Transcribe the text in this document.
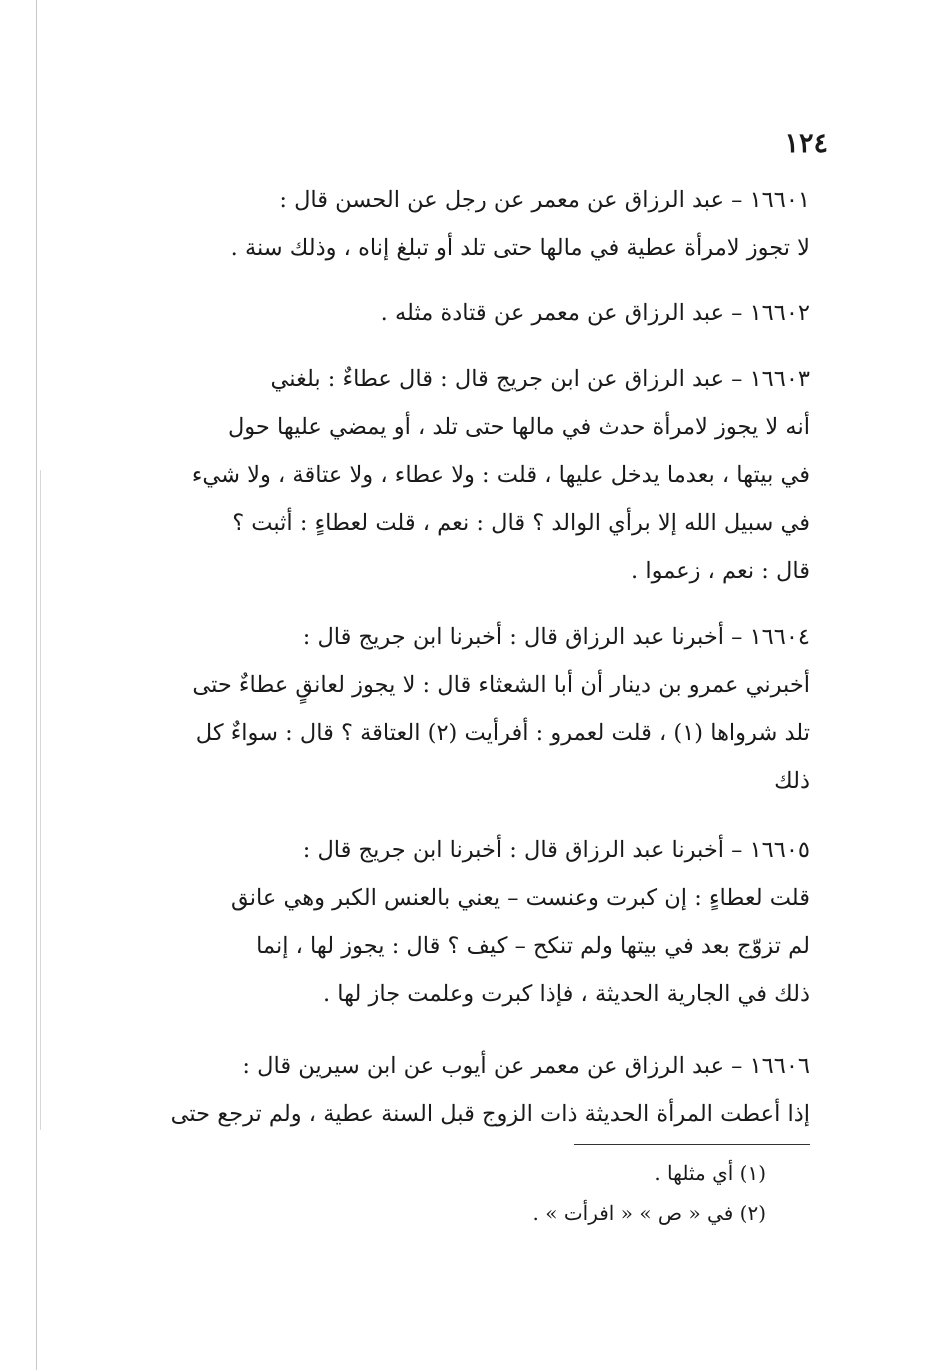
١٢٤

١٦٦٠١ – عبد الرزاق عن معمر عن رجل عن الحسن قال :

لا تجوز لامرأة عطية في مالها حتى تلد أو تبلغ إناه ، وذلك سنة .

١٦٦٠٢ – عبد الرزاق عن معمر عن قتادة مثله .

١٦٦٠٣ – عبد الرزاق عن ابن جريج قال : قال عطاءٌ : بلغني

أنه لا يجوز لامرأة حدث في مالها حتى تلد ، أو يمضي عليها حول

في بيتها ، بعدما يدخل عليها ، قلت : ولا عطاء ، ولا عتاقة ، ولا شيء

في سبيل الله إلا برأي الوالد ؟ قال : نعم ، قلت لعطاءٍ : أثبت ؟

قال : نعم ، زعموا .

١٦٦٠٤ – أخبرنا عبد الرزاق قال : أخبرنا ابن جريج قال :

أخبرني عمرو بن دينار أن أبا الشعثاء قال : لا يجوز لعانقٍ عطاءٌ حتى

تلد شرواها (١) ، قلت لعمرو : أفرأيت (٢) العتاقة ؟ قال : سواءٌ كل

ذلك

١٦٦٠٥ – أخبرنا عبد الرزاق قال : أخبرنا ابن جريج قال :

قلت لعطاءٍ : إن كبرت وعنست – يعني بالعنس الكبر وهي عانق

لم تزوّج بعد في بيتها ولم تنكح – كيف ؟ قال : يجوز لها ، إنما

ذلك في الجارية الحديثة ، فإذا كبرت وعلمت جاز لها .

١٦٦٠٦ – عبد الرزاق عن معمر عن أيوب عن ابن سيرين قال :

إذا أعطت المرأة الحديثة ذات الزوج قبل السنة عطية ، ولم ترجع حتى

(١) أي مثلها .
(٢) في « ص » « افرأت » .
